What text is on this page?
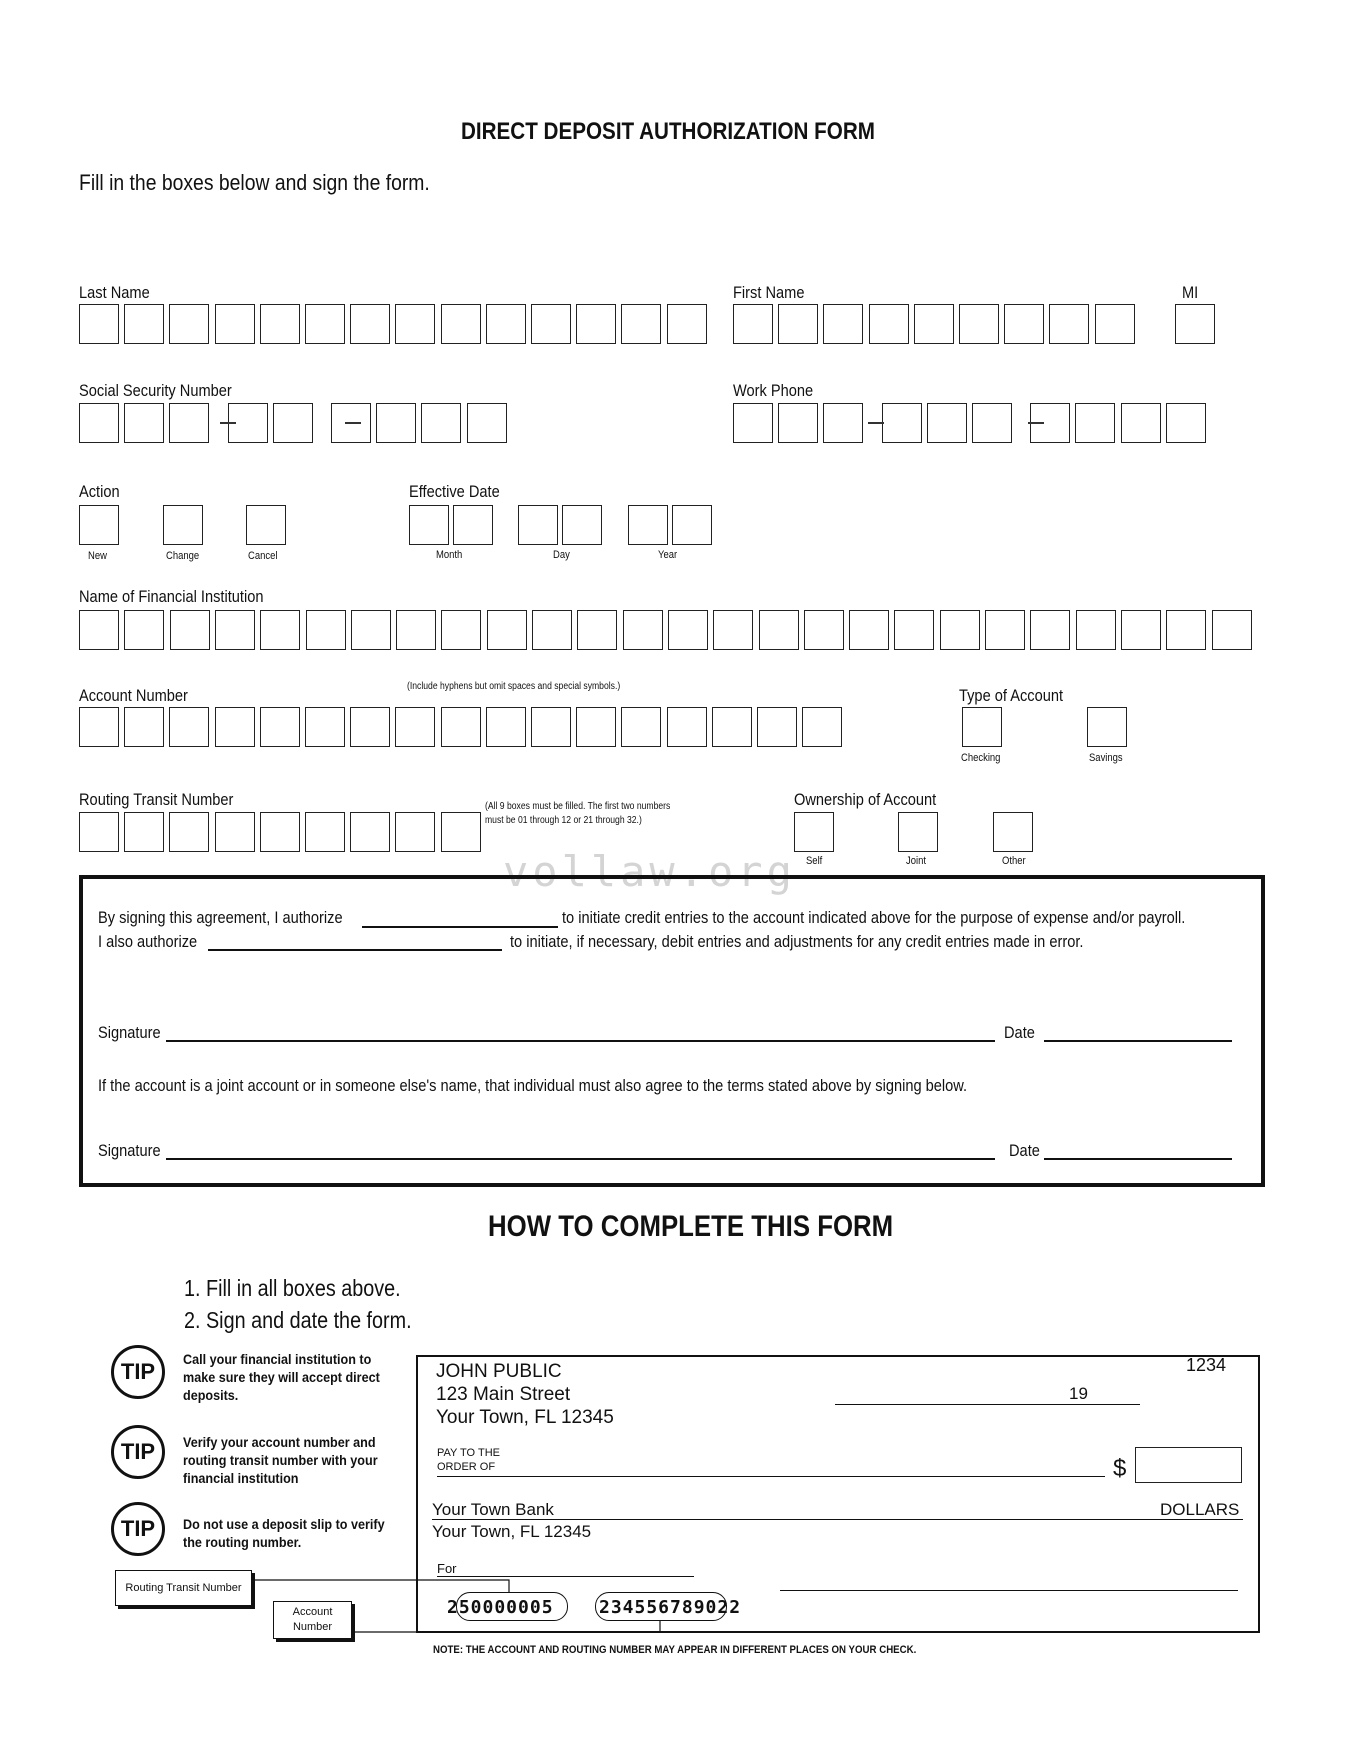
DIRECT DEPOSIT AUTHORIZATION FORM
Fill in the boxes below and sign the form.
Last Name	First Name	MI
Social Security Number	Work Phone
Action
New	Change	Cancel
Effective Date
Month	Day	Year
Name of Financial Institution
Account Number	(Include hyphens but omit spaces and special symbols.)	Type of Account
Checking	Savings
Routing Transit Number	(All 9 boxes must be filled. The first two numbers
must be 01 through 12 or 21 through 32.)
Ownership of Account
Self	Joint	Other
vollaw.org
By signing this agreement, I authorize	to initiate credit entries to the account indicated above for the purpose of expense and/or payroll.
I also authorize	to initiate, if necessary, debit entries and adjustments for any credit entries made in error.
Signature	Date
If the account is a joint account or in someone else's name, that individual must also agree to the terms stated above by signing below.
Signature	Date
HOW TO COMPLETE THIS FORM
1. Fill in all boxes above.
2. Sign and date the form.
TIP	Call your financial institution to make sure they will accept direct deposits.
TIP	Verify your account number and routing transit number with your financial institution
TIP	Do not use a deposit slip to verify the routing number.
JOHN PUBLIC
123 Main Street
Your Town, FL 12345
1234
19
PAY TO THE
ORDER OF	$
Your Town Bank	DOLLARS
Your Town, FL 12345
For
250000005	234556789022
Routing Transit Number
Account
Number
NOTE: THE ACCOUNT AND ROUTING NUMBER MAY APPEAR IN DIFFERENT PLACES ON YOUR CHECK.
